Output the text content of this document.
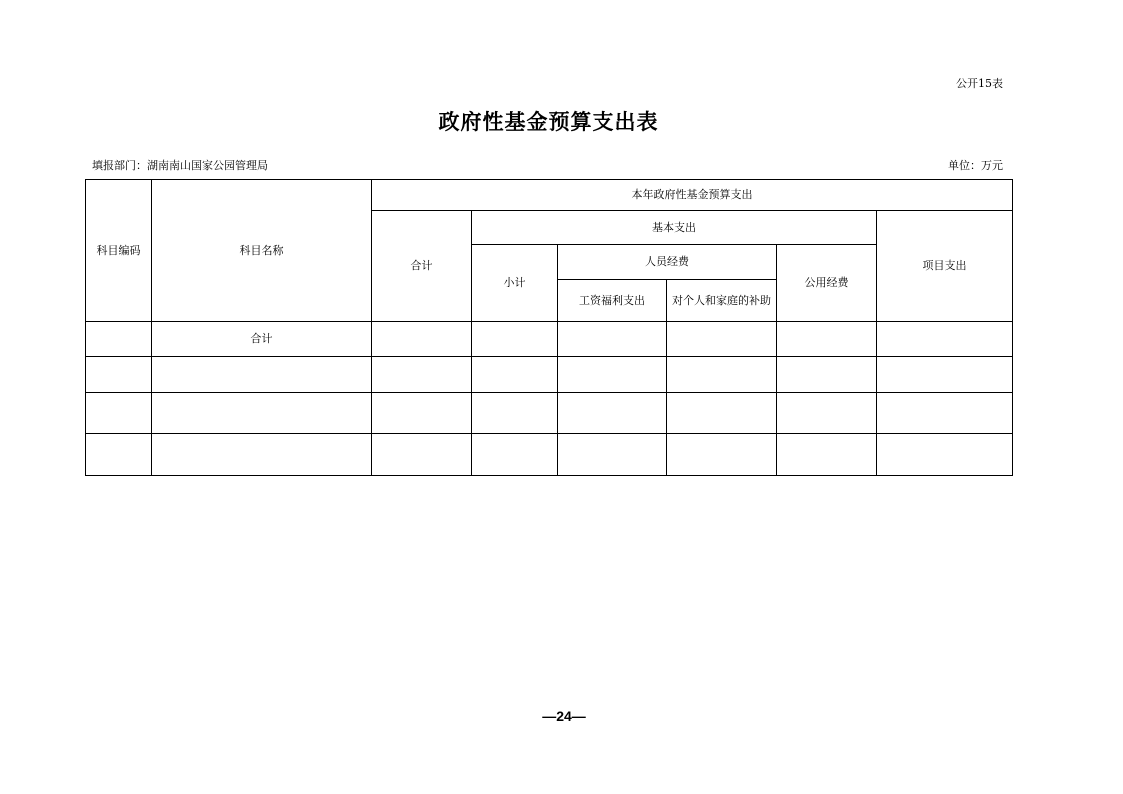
公开15表
政府性基金预算支出表
填报部门：湖南南山国家公园管理局	单位：万元
科目编码	科目名称	本年政府性基金预算支出					
		合计	基本支出				项目支出
			小计	人员经费		公用经费	
				工资福利支出	对个人和家庭的补助		
	合计						

—24—
